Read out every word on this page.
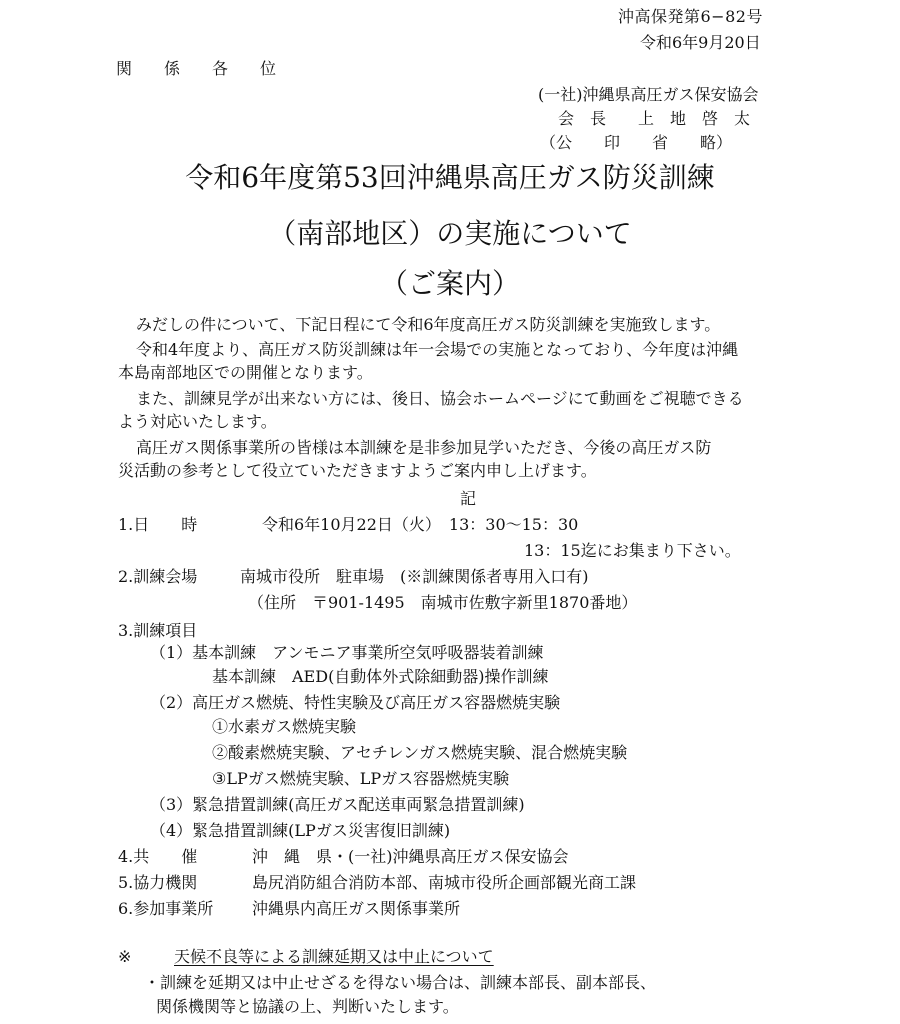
沖高保発第6−82号
令和6年9月20日
関　係　各　位
(一社)沖縄県高圧ガス保安協会
会　長　　上　地　啓　太
（公　　印　　省　　略）
令和6年度第53回沖縄県高圧ガス防災訓練
（南部地区）の実施について
（ご案内）
みだしの件について、下記日程にて令和6年度高圧ガス防災訓練を実施致します。
令和4年度より、高圧ガス防災訓練は年一会場での実施となっており、今年度は沖縄
本島南部地区での開催となります。
また、訓練見学が出来ない方には、後日、協会ホームページにて動画をご視聴できる
よう対応いたします。
高圧ガス関係事業所の皆様は本訓練を是非参加見学いただき、今後の高圧ガス防
災活動の参考として役立ていただきますようご案内申し上げます。
記
1.日　　時	令和6年10月22日（火）　13：30〜15：30
13：15迄にお集まり下さい。
2.訓練会場	南城市役所　駐車場　(※訓練関係者専用入口有)
（住所　〒901-1495　南城市佐敷字新里1870番地）
3.訓練項目
（1）基本訓練　アンモニア事業所空気呼吸器装着訓練
基本訓練　AED(自動体外式除細動器)操作訓練
（2）高圧ガス燃焼、特性実験及び高圧ガス容器燃焼実験
①水素ガス燃焼実験
②酸素燃焼実験、アセチレンガス燃焼実験、混合燃焼実験
③LPガス燃焼実験、LPガス容器燃焼実験
（3）緊急措置訓練(高圧ガス配送車両緊急措置訓練)
（4）緊急措置訓練(LPガス災害復旧訓練)
4.共　　催	沖　縄　県・(一社)沖縄県高圧ガス保安協会
5.協力機関	島尻消防組合消防本部、南城市役所企画部観光商工課
6.参加事業所 沖縄県内高圧ガス関係事業所
※	天候不良等による訓練延期又は中止について
・訓練を延期又は中止せざるを得ない場合は、訓練本部長、副本部長、
関係機関等と協議の上、判断いたします。
